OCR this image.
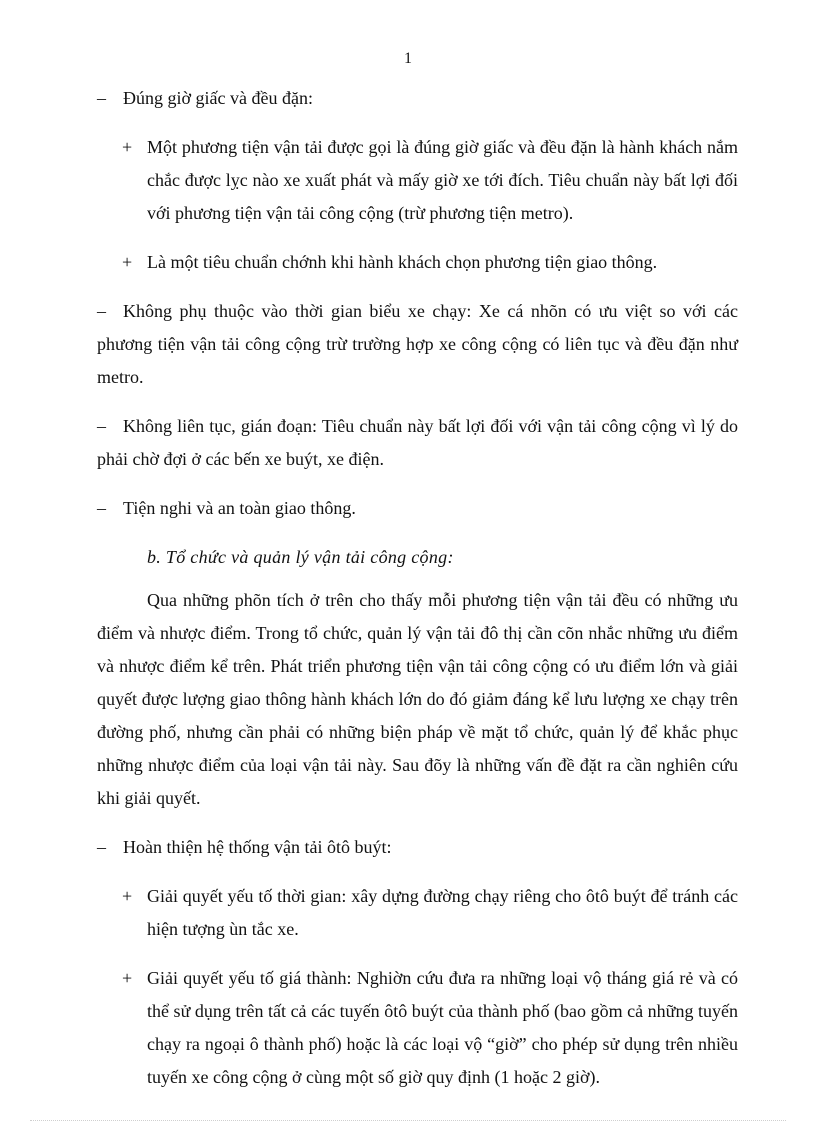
1
– Đúng giờ giấc và đều đặn:
+ Một phương tiện vận tải được gọi là đúng giờ giấc và đều đặn là hành khách nắm chắc được lỵc nào xe xuất phát và mấy giờ xe tới đích. Tiêu chuẩn này bất lợi đối với phương tiện vận tải công cộng (trừ phương tiện metro).
+ Là một tiêu chuẩn chớnh khi hành khách chọn phương tiện giao thông.
– Không phụ thuộc vào thời gian biểu xe chạy: Xe cá nhõn có ưu việt so với các phương tiện vận tải công cộng trừ trường hợp xe công cộng có liên tục và đều đặn như metro.
– Không liên tục, gián đoạn: Tiêu chuẩn này bất lợi đối với vận tải công cộng vì lý do phải chờ đợi ở các bến xe buýt, xe điện.
– Tiện nghi và an toàn giao thông.
b. Tổ chức và quản lý vận tải công cộng:
Qua những phõn tích ở trên cho thấy mỗi phương tiện vận tải đều có những ưu điểm và nhược điểm. Trong tổ chức, quản lý vận tải đô thị cần cõn nhắc những ưu điểm và nhược điểm kể trên. Phát triển phương tiện vận tải công cộng có ưu điểm lớn và giải quyết được lượng giao thông hành khách lớn do đó giảm đáng kể lưu lượng xe chạy trên đường phố, nhưng cần phải có những biện pháp về mặt tổ chức, quản lý để khắc phục những nhược điểm của loại vận tải này. Sau đõy là những vấn đề đặt ra cần nghiên cứu khi giải quyết.
– Hoàn thiện hệ thống vận tải ôtô buýt:
+ Giải quyết yếu tố thời gian: xây dựng đường chạy riêng cho ôtô buýt để tránh các hiện tượng ùn tắc xe.
+ Giải quyết yếu tố giá thành: Nghiờn cứu đưa ra những loại vộ tháng giá rẻ và có thể sử dụng trên tất cả các tuyến ôtô buýt của thành phố (bao gồm cả những tuyến chạy ra ngoại ô thành phố) hoặc là các loại vộ “giờ” cho phép sử dụng trên nhiều tuyến xe công cộng ở cùng một số giờ quy định (1 hoặc 2 giờ).
